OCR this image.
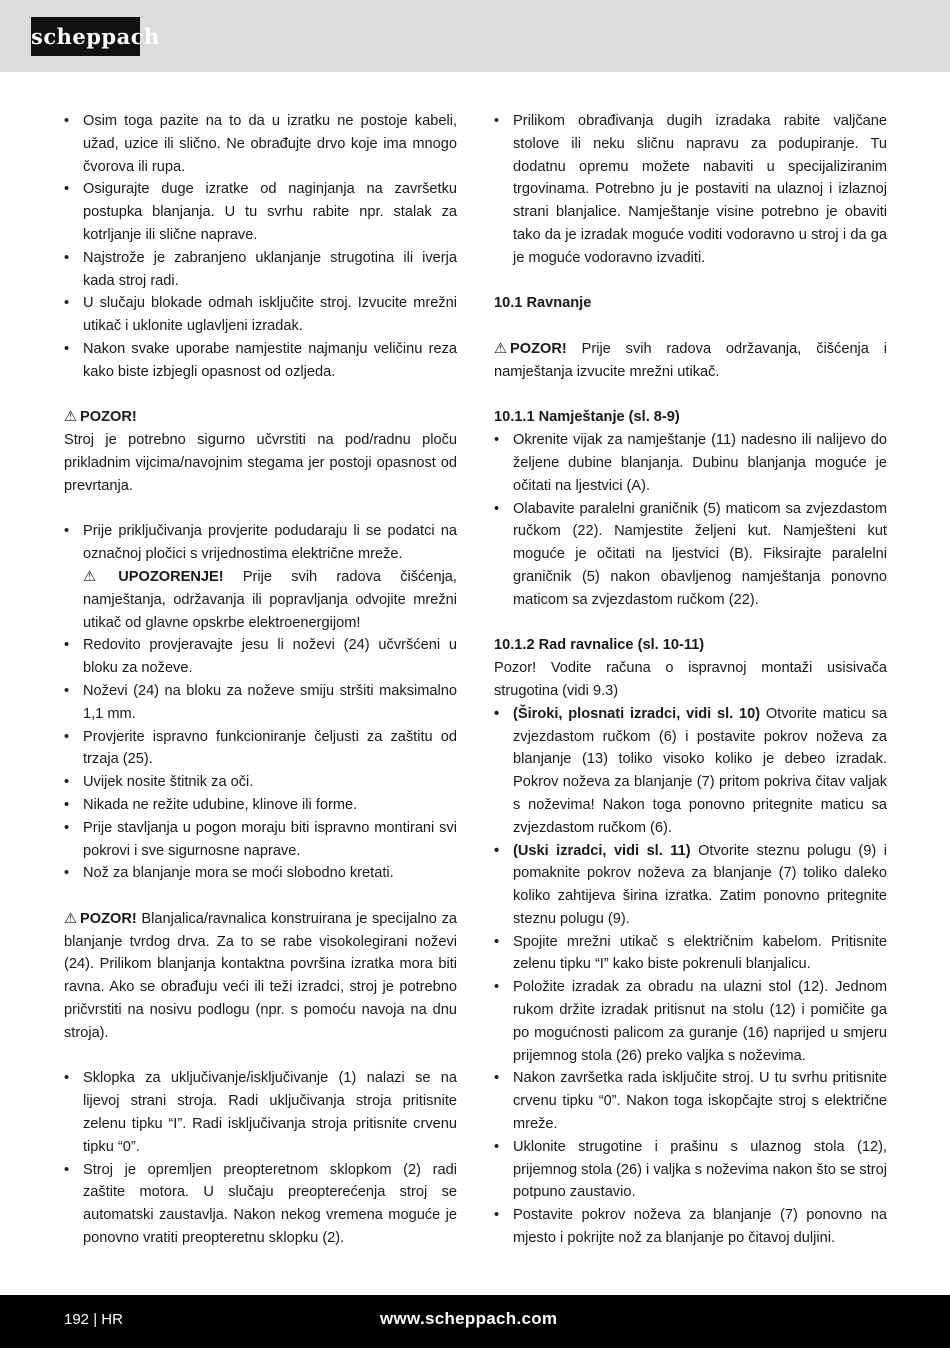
scheppach
• Osim toga pazite na to da u izratku ne postoje kabeli, užad, uzice ili slično. Ne obrađujte drvo koje ima mnogo čvorova ili rupa.
• Osigurajte duge izratke od naginjanja na završetku postupka blanjanja. U tu svrhu rabite npr. stalak za kotrljanje ili slične naprave.
• Najstrože je zabranjeno uklanjanje strugotina ili iverja kada stroj radi.
• U slučaju blokade odmah isključite stroj. Izvucite mrežni utikač i uklonite uglavljeni izradak.
• Nakon svake uporabe namjestite najmanju veličinu reza kako biste izbjegli opasnost od ozljeda.
⚠ POZOR!
Stroj je potrebno sigurno učvrstiti na pod/radnu ploču prikladnim vijcima/navojnim stegama jer postoji opasnost od prevrtanja.
• Prije priključivanja provjerite podudaraju li se podatci na označnoj pločici s vrijednostima električne mreže.
⚠ UPOZORENJE! Prije svih radova čišćenja, namještanja, održavanja ili popravljanja odvojite mrežni utikač od glavne opskrbe elektroenergijom!
• Redovito provjeravajte jesu li noževi (24) učvršćeni u bloku za noževe.
• Noževi (24) na bloku za noževe smiju stršiti maksimalno 1,1 mm.
• Provjerite ispravno funkcioniranje čeljusti za zaštitu od trzaja (25).
• Uvijek nosite štitnik za oči.
• Nikada ne režite udubine, klinove ili forme.
• Prije stavljanja u pogon moraju biti ispravno montirani svi pokrovi i sve sigurnosne naprave.
• Nož za blanjanje mora se moći slobodno kretati.
⚠ POZOR! Blanjalica/ravnalica konstruirana je specijalno za blanjanje tvrdog drva. Za to se rabe visokolegirani noževi (24). Prilikom blanjanja kontaktna površina izratka mora biti ravna. Ako se obrađuju veći ili teži izradci, stroj je potrebno pričvrstiti na nosivu podlogu (npr. s pomoću navoja na dnu stroja).
• Sklopka za uključivanje/isključivanje (1) nalazi se na lijevoj strani stroja. Radi uključivanja stroja pritisnite zelenu tipku “I”. Radi isključivanja stroja pritisnite crvenu tipku “0”.
• Stroj je opremljen preopteretnom sklopkom (2) radi zaštite motora. U slučaju preopterećenja stroj se automatski zaustavlja. Nakon nekog vremena moguće je ponovno vratiti preopteretnu sklopku (2).
• Prilikom obrađivanja dugih izradaka rabite valjčane stolove ili neku sličnu napravu za podupiranje. Tu dodatnu opremu možete nabaviti u specijaliziranim trgovinama. Potrebno ju je postaviti na ulaznoj i izlaznoj strani blanjalice. Namještanje visine potrebno je obaviti tako da je izradak moguće voditi vodoravno u stroj i da ga je moguće vodoravno izvaditi.
10.1 Ravnanje
⚠ POZOR! Prije svih radova održavanja, čišćenja i namještanja izvucite mrežni utikač.
10.1.1 Namještanje (sl. 8-9)
• Okrenite vijak za namještanje (11) nadesno ili nalijevo do željene dubine blanjanja. Dubinu blanjanja moguće je očitati na ljestvici (A).
• Olabavite paralelni graničnik (5) maticom sa zvjezdastom ručkom (22). Namjestite željeni kut. Namješteni kut moguće je očitati na ljestvici (B). Fiksirajte paralelni graničnik (5) nakon obavljenog namještanja ponovno maticom sa zvjezdastom ručkom (22).
10.1.2 Rad ravnalice (sl. 10-11)
Pozor! Vodite računa o ispravnoj montaži usisivača strugotina (vidi 9.3)
• (Široki, plosnati izradci, vidi sl. 10) Otvorite maticu sa zvjezdastom ručkom (6) i postavite pokrov noževa za blanjanje (13) toliko visoko koliko je debeo izradak. Pokrov noževa za blanjanje (7) pritom pokriva čitav valjak s noževima! Nakon toga ponovno pritegnite maticu sa zvjezdastom ručkom (6).
• (Uski izradci, vidi sl. 11) Otvorite steznu polugu (9) i pomaknite pokrov noževa za blanjanje (7) toliko daleko koliko zahtijeva širina izratka. Zatim ponovno pritegnite steznu polugu (9).
• Spojite mrežni utikač s električnim kabelom. Pritisnite zelenu tipku “I” kako biste pokrenuli blanjalicu.
• Položite izradak za obradu na ulazni stol (12). Jednom rukom držite izradak pritisnut na stolu (12) i pomičite ga po mogućnosti palicom za guranje (16) naprijed u smjeru prijemnog stola (26) preko valjka s noževima.
• Nakon završetka rada isključite stroj. U tu svrhu pritisnite crvenu tipku “0”. Nakon toga iskopčajte stroj s električne mreže.
• Uklonite strugotine i prašinu s ulaznog stola (12), prijemnog stola (26) i valjka s noževima nakon što se stroj potpuno zaustavio.
• Postavite pokrov noževa za blanjanje (7) ponovno na mjesto i pokrijte nož za blanjanje po čitavoj duljini.
192 | HR	www.scheppach.com
